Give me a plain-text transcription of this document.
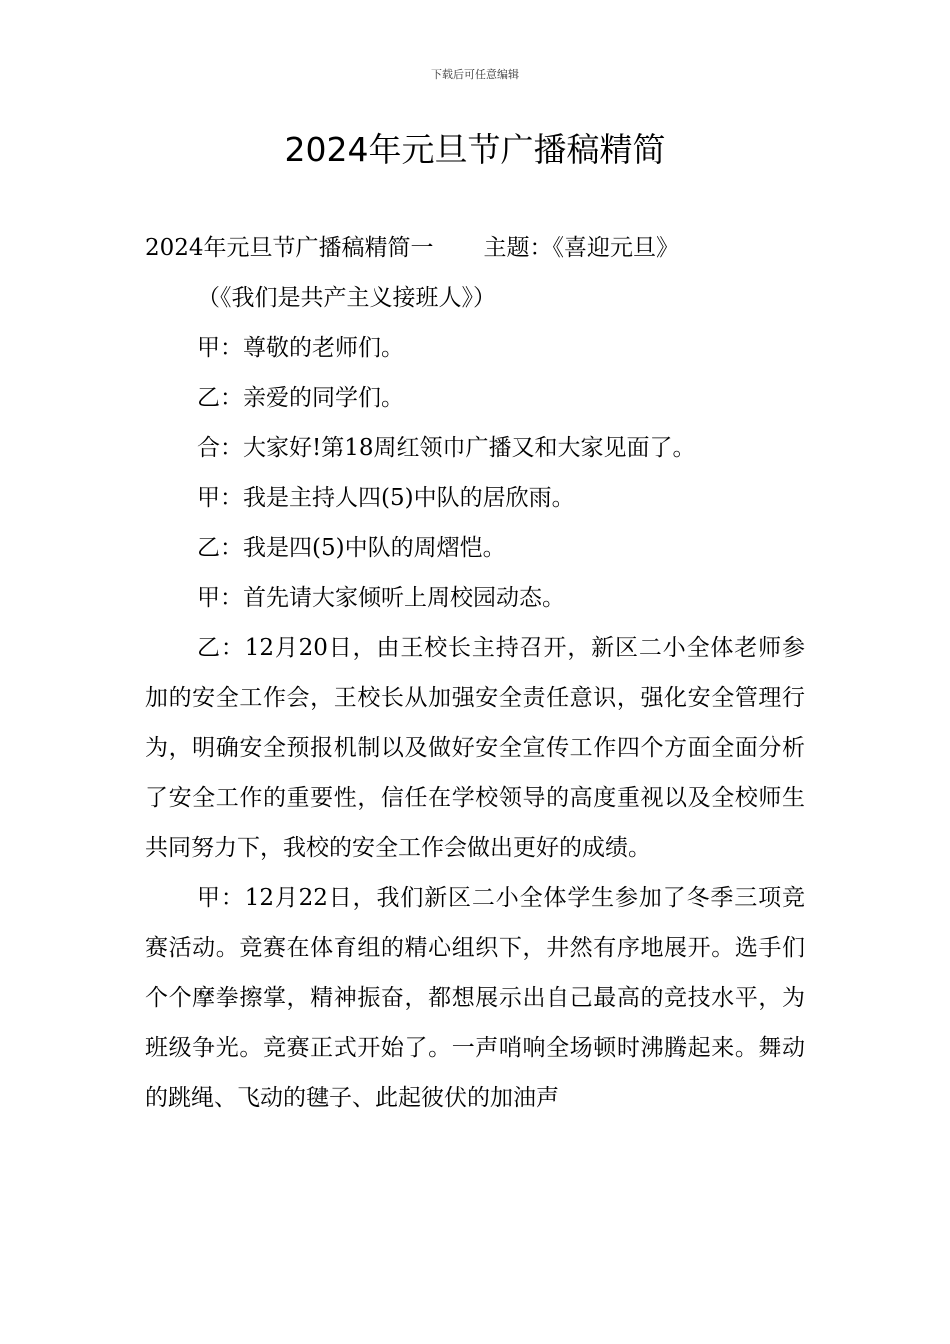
下载后可任意编辑
2024年元旦节广播稿精简

2024年元旦节广播稿精简一 主题：《喜迎元旦》

（《我们是共产主义接班人》）

甲：尊敬的老师们。

乙：亲爱的同学们。

合：大家好!第18周红领巾广播又和大家见面了。

甲：我是主持人四(5)中队的居欣雨。

乙：我是四(5)中队的周熠恺。

甲：首先请大家倾听上周校园动态。

乙：12月20日，由王校长主持召开，新区二小全体老师参加的安全工作会，王校长从加强安全责任意识，强化安全管理行为，明确安全预报机制以及做好安全宣传工作四个方面全面分析了安全工作的重要性，信任在学校领导的高度重视以及全校师生共同努力下，我校的安全工作会做出更好的成绩。

甲：12月22日，我们新区二小全体学生参加了冬季三项竞赛活动。竞赛在体育组的精心组织下，井然有序地展开。选手们个个摩拳擦掌，精神振奋，都想展示出自己最高的竞技水平，为班级争光。竞赛正式开始了。一声哨响全场顿时沸腾起来。舞动的跳绳、飞动的毽子、此起彼伏的加油声
